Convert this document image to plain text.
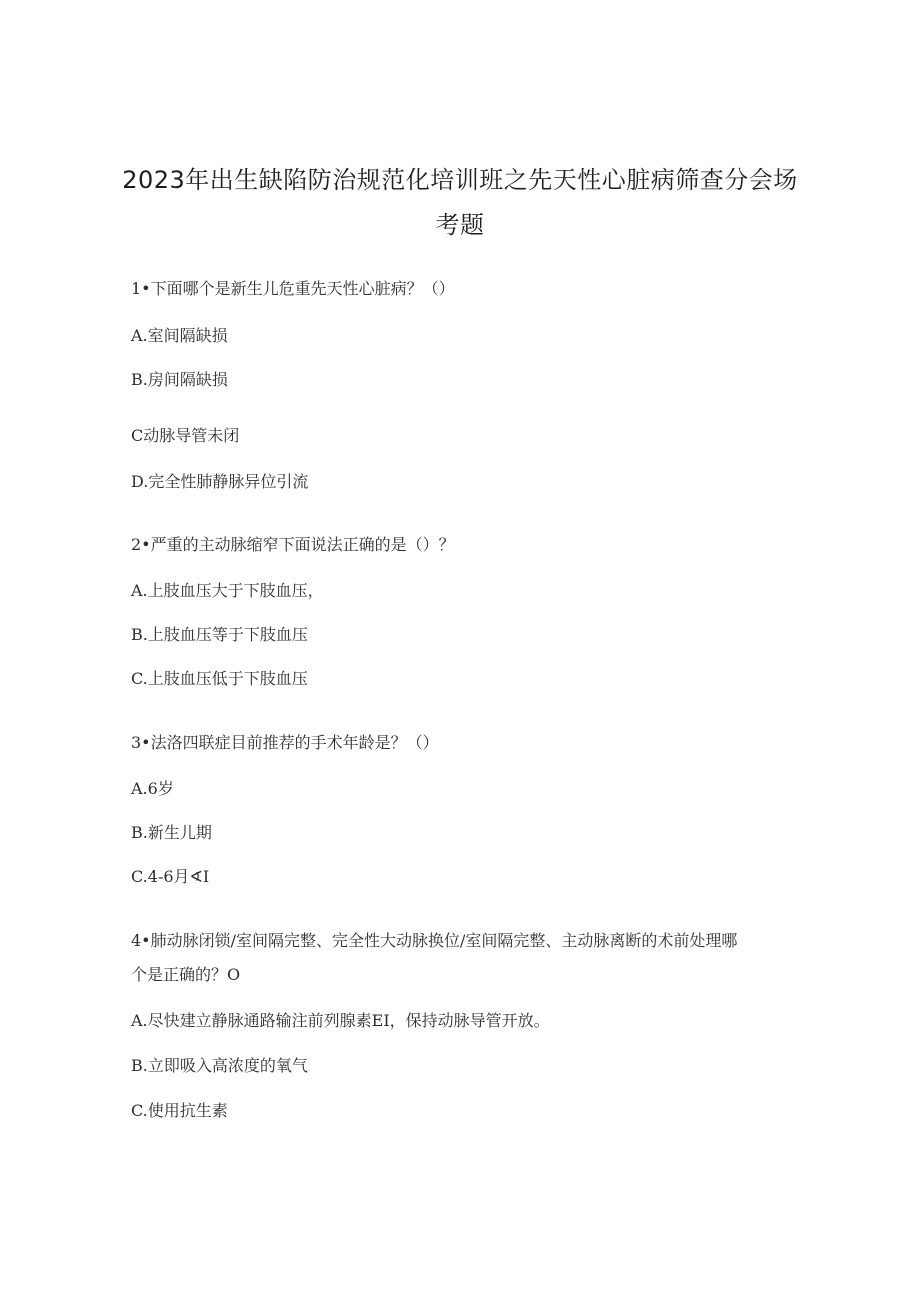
2023年出生缺陷防治规范化培训班之先天性心脏病筛查分会场
考题
1•下面哪个是新生儿危重先天性心脏病？（）
A.室间隔缺损
B.房间隔缺损
C动脉导管未闭
D.完全性肺静脉异位引流
2•严重的主动脉缩窄下面说法正确的是（）？
A.上肢血压大于下肢血压，
B.上肢血压等于下肢血压
C.上肢血压低于下肢血压
3•法洛四联症目前推荐的手术年龄是？（）
A.6岁
B.新生儿期
C.4-6月∢I
4•肺动脉闭锁/室间隔完整、完全性大动脉换位/室间隔完整、主动脉离断的术前处理哪
个是正确的？O
A.尽快建立静脉通路输注前列腺素EI，保持动脉导管开放。
B.立即吸入高浓度的氧气
C.使用抗生素
